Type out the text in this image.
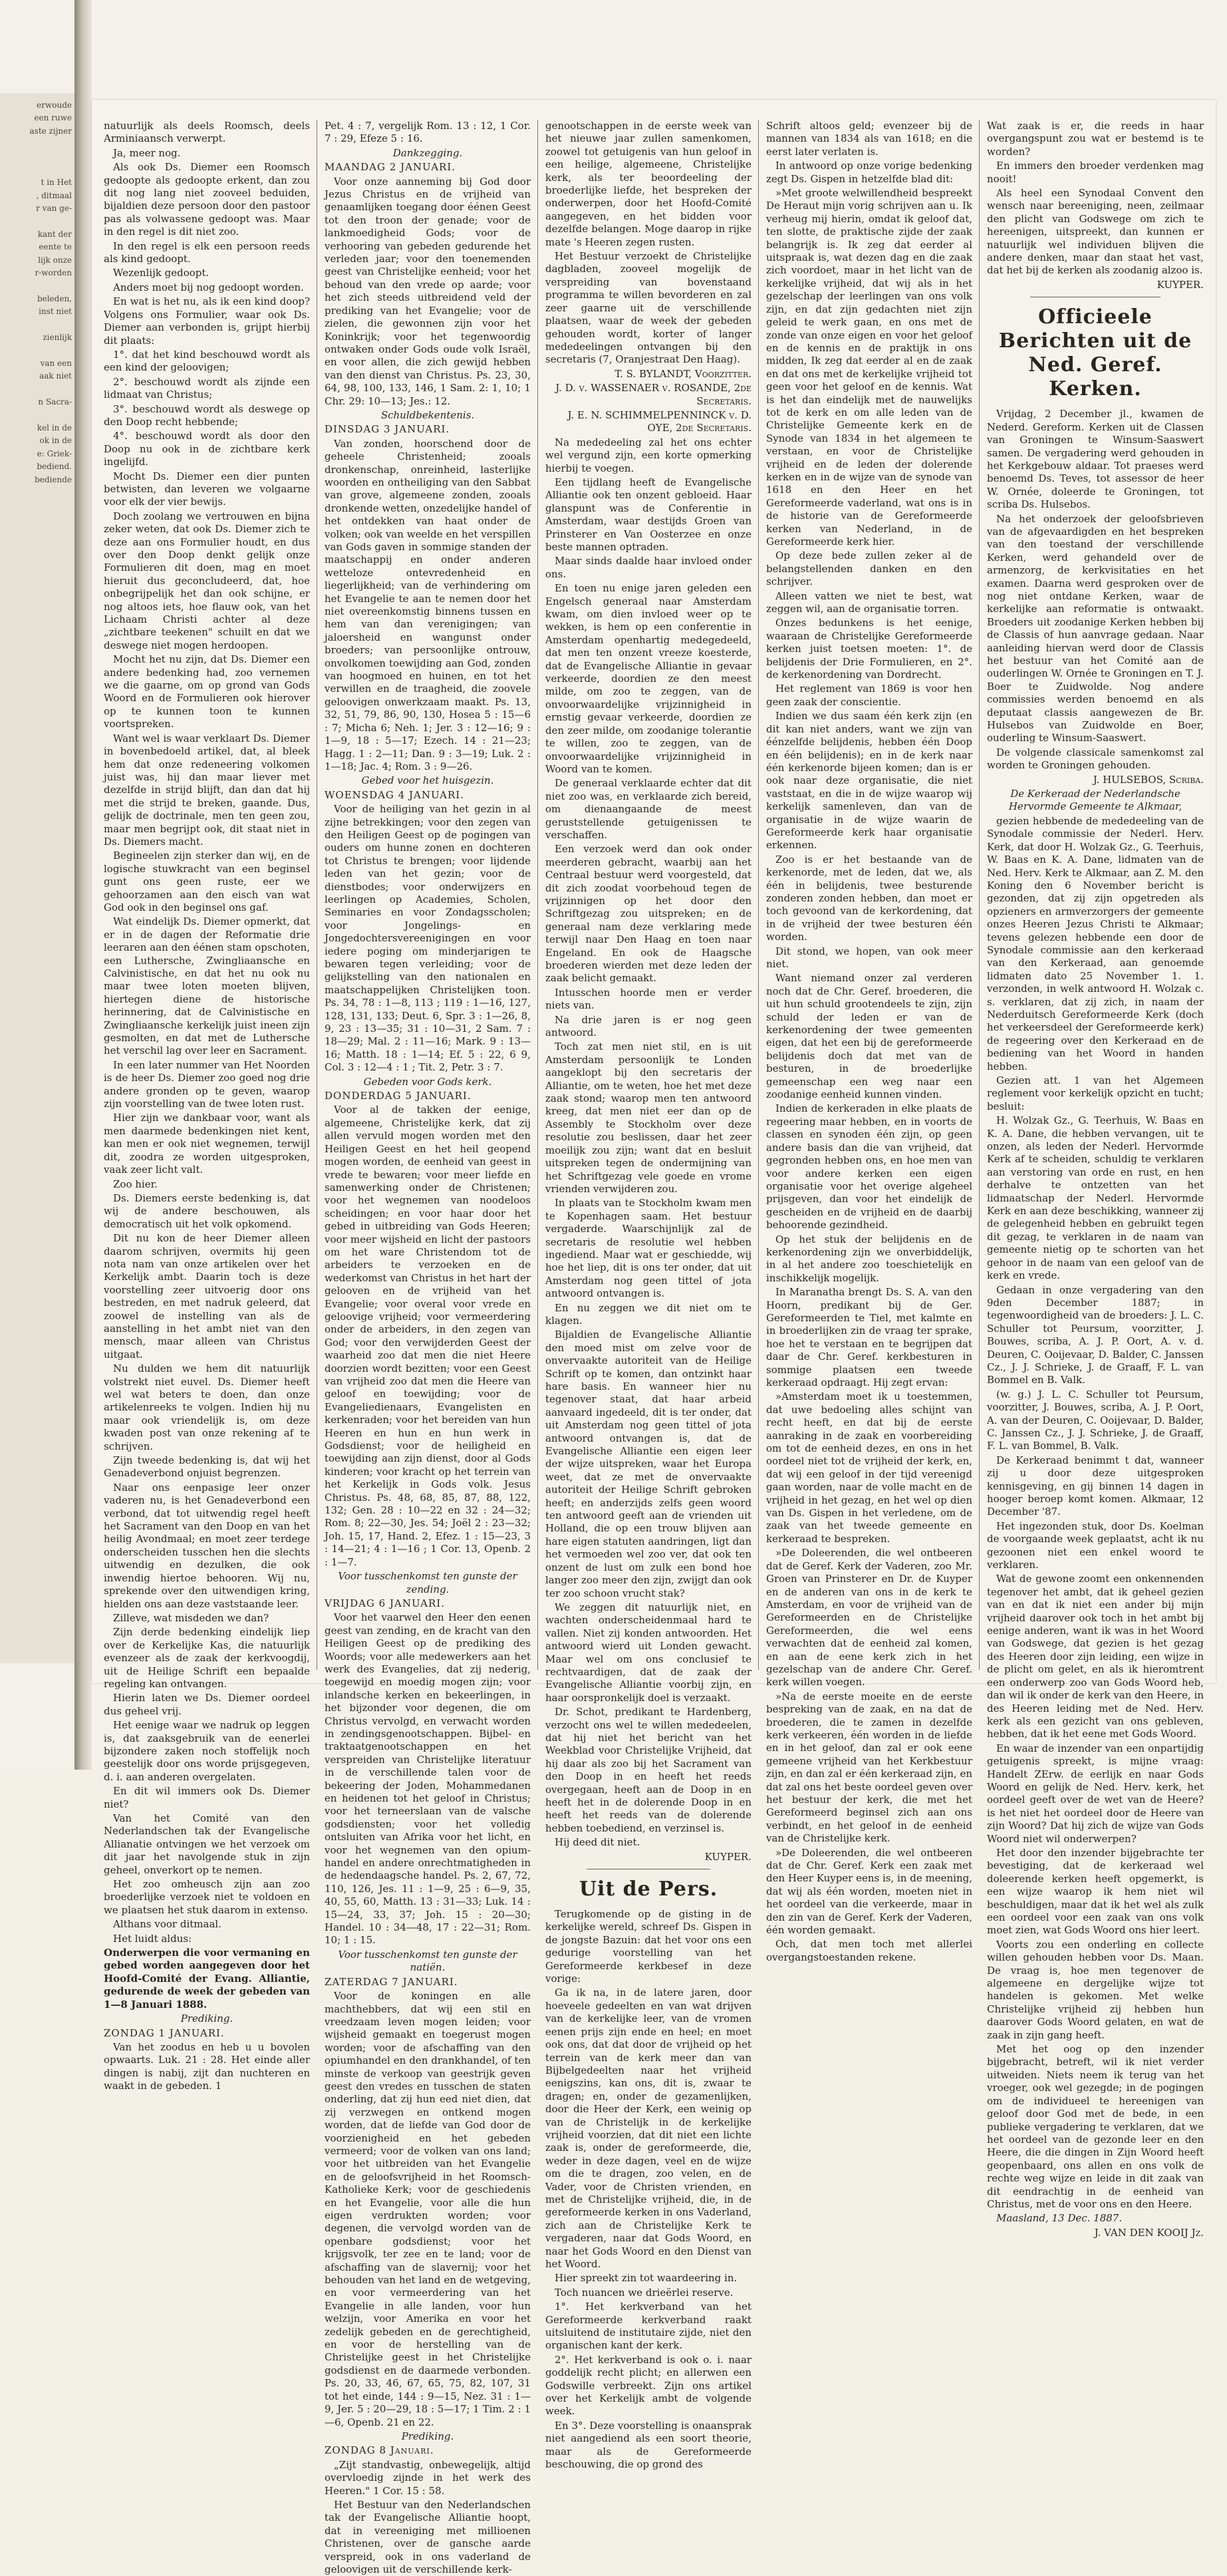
erwoude
een ruwe
aste zijner
t in Het
, ditmaal
r van ge-
kant der
eente te
lijk onze
r-worden
beleden,
inst niet
zienlijk
van een
aak niet
n Sacra-
kel in de
ok in de
e: Griek-
bediend.
bediende

natuurlijk als deels Roomsch, deels Arminiaansch verwerpt.

Ja, meer nog.

Als ook Ds. Diemer een Roomsch gedoopte als gedoopte erkent, dan zou dit nog lang niet zooveel beduiden, bijaldien deze persoon door den pastoor pas als volwassene gedoopt was. Maar in den regel is dit niet zoo.

In den regel is elk een persoon reeds als kind gedoopt.

Wezenlijk gedoopt.

Anders moet bij nog gedoopt worden.

En wat is het nu, als ik een kind doop? Volgens ons Formulier, waar ook Ds. Diemer aan verbonden is, grijpt hierbij dit plaats:

1°. dat het kind beschouwd wordt als een kind der geloovigen;

2°. beschouwd wordt als zijnde een lidmaat van Christus;

3°. beschouwd wordt als deswege op den Doop recht hebbende;

4°. beschouwd wordt als door den Doop nu ook in de zichtbare kerk ingelijfd.

Mocht Ds. Diemer een dier punten betwisten, dan leveren we volgaarne voor elk der vier bewijs.

Doch zoolang we vertrouwen en bijna zeker weten, dat ook Ds. Diemer zich te deze aan ons Formulier houdt, en dus over den Doop denkt gelijk onze Formulieren dit doen, mag en moet hieruit dus geconcludeerd, dat, hoe onbegrijpelijk het dan ook schijne, er nog altoos iets, hoe flauw ook, van het Lichaam Christi achter al deze „zichtbare teekenen" schuilt en dat we deswege niet mogen herdoopen.

Mocht het nu zijn, dat Ds. Diemer een andere bedenking had, zoo vernemen we die gaarne, om op grond van Gods Woord en de Formulieren ook hierover op te kunnen toon te kunnen voortspreken.

Want wel is waar verklaart Ds. Diemer in bovenbedoeld artikel, dat, al bleek hem dat onze redeneering volkomen juist was, hij dan maar liever met dezelfde in strijd blijft, dan dan dat hij met die strijd te breken, gaande. Dus, gelijk de doctrinale, men ten geen zou, maar men begrijpt ook, dit staat niet in Ds. Diemers macht.

Begineelen zijn sterker dan wij, en de logische stuwkracht van een beginsel gunt ons geen ruste, eer we gehoorzamen aan den eisch van wat God ook in den beginsel ons gaf.

Wat eindelijk Ds. Diemer opmerkt, dat er in de dagen der Reformatie drie leeraren aan den éénen stam opschoten, een Luthersche, Zwingliaansche en Calvinistische, en dat het nu ook nu maar twee loten moeten blijven, hiertegen diene de historische herinnering, dat de Calvinistische en Zwingliaansche kerkelijk juist ineen zijn gesmolten, en dat met de Luthersche het verschil lag over leer en Sacrament.

In een later nummer van Het Noorden is de heer Ds. Diemer zoo goed nog drie andere gronden op te geven, waarop zijn voorstelling van de twee loten rust.

Hier zijn we dankbaar voor, want als men daarmede bedenkingen niet kent, kan men er ook niet wegnemen, terwijl dit, zoodra ze worden uitgesproken, vaak zeer licht valt.

Zoo hier.

Ds. Diemers eerste bedenking is, dat wij de andere beschouwen, als democratisch uit het volk opkomend.

Dit nu kon de heer Diemer alleen daarom schrijven, overmits hij geen nota nam van onze artikelen over het Kerkelijk ambt. Daarin toch is deze voorstelling zeer uitvoerig door ons bestreden, en met nadruk geleerd, dat zoowel de instelling van als de aanstelling in het ambt niet van den mensch, maar alleen van Christus uitgaat.

Nu dulden we hem dit natuurlijk volstrekt niet euvel. Ds. Diemer heeft wel wat beters te doen, dan onze artikelenreeks te volgen. Indien hij nu maar ook vriendelijk is, om deze kwaden post van onze rekening af te schrijven.

Zijn tweede bedenking is, dat wij het Genadeverbond onjuist begrenzen.

Naar ons eenpasige leer onzer vaderen nu, is het Genadeverbond een verbond, dat tot uitwendig regel heeft het Sacrament van den Doop en van het heilig Avondmaal; en moet zeer terdege onderscheiden tusschen hen die slechts uitwendig en dezulken, die ook inwendig hiertoe behooren. Wij nu, sprekende over den uitwendigen kring, hielden ons aan deze vaststaande leer.

Zilleve, wat misdeden we dan?

Zijn derde bedenking eindelijk liep over de Kerkelijke Kas, die natuurlijk evenzeer als de zaak der kerkvoogdij, uit de Heilige Schrift een bepaalde regeling kan ontvangen.

Hierin laten we Ds. Diemer oordeel dus geheel vrij.

Het eenige waar we nadruk op leggen is, dat zaaksgebruik van de eenerlei bijzondere zaken noch stoffelijk noch geestelijk door ons worde prijsgegeven, d. i. aan anderen overgelaten.

En dit wil immers ook Ds. Diemer niet?

Van het Comité van den Nederlandschen tak der Evangelische Allianatie ontvingen we het verzoek om dit jaar het navolgende stuk in zijn geheel, onverkort op te nemen.

Het zoo omheusch zijn aan zoo broederlijke verzoek niet te voldoen en we plaatsen het stuk daarom in extenso.

Althans voor ditmaal.

Het luidt aldus:

Onderwerpen die voor vermaning en gebed worden aangegeven door het Hoofd-Comité der Evang. Alliantie, gedurende de week der gebeden van 1—8 Januari 1888.

Prediking.

ZONDAG 1 JANUARI.

Van het zoodus en heb u u bovolen opwaarts. Luk. 21 : 28. Het einde aller dingen is nabij, zijt dan nuchteren en waakt in de gebeden. 1

Pet. 4 : 7, vergelijk Rom. 13 : 12, 1 Cor. 7 : 29, Efeze 5 : 16.

Dankzegging.

MAANDAG 2 JANUARI.

Voor onze aanneming bij God door Jezus Christus en de vrijheid van genaamlijken toegang door éénen Geest tot den troon der genade; voor de lankmoedigheid Gods; voor de verhooring van gebeden gedurende het verleden jaar; voor den toenemenden geest van Christelijke eenheid; voor het behoud van den vrede op aarde; voor het zich steeds uitbreidend veld der prediking van het Evangelie; voor de zielen, die gewonnen zijn voor het Koninkrijk; voor het tegenwoordig ontwaken onder Gods oude volk Israël, en voor allen, die zich gewijd hebben van den dienst van Christus. Ps. 23, 30, 64, 98, 100, 133, 146, 1 Sam. 2: 1, 10; 1 Chr. 29: 10—13; Jes.: 12.

Schuldbekentenis.

DINSDAG 3 JANUARI.

Van zonden, hoorschend door de geheele Christenheid; zooals dronkenschap, onreinheid, lasterlijke woorden en ontheiliging van den Sabbat van grove, algemeene zonden, zooals dronkende wetten, onzedelijke handel of het ontdekken van haat onder de volken; ook van weelde en het verspillen van Gods gaven in sommige standen der maatschappij en onder anderen wetteloze ontevredenheid en liegerlijkheid; van de verhindering om het Evangelie te aan te nemen door het niet overeenkomstig binnens tussen en hem van dan verenigingen; van jaloersheid en wangunst onder broeders; van persoonlijke ontrouw, onvolkomen toewijding aan God, zonden van hoogmoed en huinen, en tot het verwillen en de traagheid, die zoovele geloovigen onwerkzaam maakt. Ps. 13, 32, 51, 79, 86, 90, 130, Hosea 5 : 15—6 : 7; Micha 6; Neh. 1; Jer. 3 : 12—16; 9 : 1—9, 18 : 5—17; Ezech. 14 : 21—23; Hagg. 1 : 2—11; Dan. 9 : 3—19; Luk. 2 : 1—18; Jac. 4; Rom. 3 : 9—26.

Gebed voor het huisgezin.

WOENSDAG 4 JANUARI.

Voor de heiliging van het gezin in al zijne betrekkingen; voor den zegen van den Heiligen Geest op de pogingen van ouders om hunne zonen en dochteren tot Christus te brengen; voor lijdende leden van het gezin; voor de dienstbodes; voor onderwijzers en leerlingen op Academies, Scholen, Seminaries en voor Zondagsscholen; voor Jongelings- en Jongedochtersvereenigingen en voor iedere poging om minderjarigen te bewaren tegen verleiding; voor de gelijkstelling van den nationalen en maatschappelijken Christelijken toon. Ps. 34, 78 : 1—8, 113 ; 119 : 1—16, 127, 128, 131, 133; Deut. 6, Spr. 3 : 1—26, 8, 9, 23 : 13—35; 31 : 10—31, 2 Sam. 7 : 18—29; Mal. 2 : 11—16; Mark. 9 : 13—16; Matth. 18 : 1—14; Ef. 5 : 22, 6 9, Col. 3 : 12—4 : 1 ; Tit. 2, Petr. 3 : 7.

Gebeden voor Gods kerk.

DONDERDAG 5 JANUARI.

Voor al de takken der eenige, algemeene, Christelijke kerk, dat zij allen vervuld mogen worden met den Heiligen Geest en het heil geopend mogen worden, de eenheid van geest in vrede te bewaren; voor meer liefde en samenwerking onder de Christenen; voor het wegnemen van noodeloos scheidingen; en voor haar door het gebed in uitbreiding van Gods Heeren; voor meer wijsheid en licht der pastoors om het ware Christendom tot de arbeiders te verzoeken en de wederkomst van Christus in het hart der gelooven en de vrijheid van het Evangelie; voor overal voor vrede en geloovige vrijheid; voor vermeerdering onder de arbeiders, in den zegen van God; voor den verwijderden Geest der waarheid zoo dat men die niet Heere doorzien wordt bezitten; voor een Geest van vrijheid zoo dat men die Heere van geloof en toewijding; voor de Evangeliedienaars, Evangelisten en kerkenraden; voor het bereiden van hun Heeren en hun en hun werk in Godsdienst; voor de heiligheid en toewijding aan zijn dienst, door al Gods kinderen; voor kracht op het terrein van het Kerkelijk in Gods volk. Jesus Christus. Ps. 48, 68, 85, 87, 88, 122, 132; Gen. 28 : 10—22 en 32 : 24—32; Rom. 8; 22—30, Jes. 54; Joël 2 : 23—32; Joh. 15, 17, Hand. 2, Efez. 1 : 15—23, 3 : 14—21; 4 : 1—16 ; 1 Cor. 13, Openb. 2 : 1—7.

Voor tusschenkomst ten gunste der zending.

VRIJDAG 6 JANUARI.

Voor het vaarwel den Heer den eenen geest van zending, en de kracht van den Heiligen Geest op de prediking des Woords; voor alle medewerkers aan het werk des Evangelies, dat zij nederig, toegewijd en moedig mogen zijn; voor inlandsche kerken en bekeerlingen, in het bijzonder voor degenen, die om Christus vervolgd, en verwacht worden in zendingsgenootschappen. Bijbel- en traktaatgenootschappen en het verspreiden van Christelijke literatuur in de verschillende talen voor de bekeering der Joden, Mohammedanen en heidenen tot het geloof in Christus; voor het terneerslaan van de valsche godsdiensten; voor het volledig ontsluiten van Afrika voor het licht, en voor het wegnemen van den opium-handel en andere onrechtmatigheden in de hedendaagsche handel. Ps. 2, 67, 72, 110, 126, Jes. 11 : 1—9, 25 : 6—9, 35, 40, 55, 60, Matth. 13 : 31—33; Luk. 14 : 15—24, 33, 37; Joh. 15 : 20—30; Handel. 10 : 34—48, 17 : 22—31; Rom. 10; 1 : 15.

Voor tusschenkomst ten gunste der natiën.

ZATERDAG 7 JANUARI.

Voor de koningen en alle machthebbers, dat wij een stil en vreedzaam leven mogen leiden; voor wijsheid gemaakt en toegerust mogen worden; voor de afschaffing van den opiumhandel en den drankhandel, of ten minste de verkoop van geestrijk geven geest den vredes en tusschen de staten onderling, dat zij hun eed niet dien, dat zij verzwegen en ontkend mogen worden, dat de liefde van God door de voorzienigheid en het gebeden vermeerd; voor de volken van ons land; voor het uitbreiden van het Evangelie en de geloofsvrijheid in het Roomsch-Katholieke Kerk; voor de geschiedenis en het Evangelie, voor alle die hun eigen verdrukten worden; voor degenen, die vervolgd worden van de openbare godsdienst; voor het krijgsvolk, ter zee en te land; voor de afschaffing van de slavernij; voor het behouden van het land en de wetgeving, en voor vermeerdering van het Evangelie in alle landen, voor hun welzijn, voor Amerika en voor het zedelijk gebeden en de gerechtigheid, en voor de herstelling van de Christelijke geest in het Christelijke godsdienst en de daarmede verbonden. Ps. 20, 33, 46, 67, 65, 75, 82, 107, 31 tot het einde, 144 : 9—15, Nez. 31 : 1—9, Jer. 5 : 20—29, 18 : 5—17; 1 Tim. 2 : 1—6, Openb. 21 en 22.

Prediking.

ZONDAG 8 Januari.

„Zijt standvastig, onbewegelijk, altijd overvloedig zijnde in het werk des Heeren." 1 Cor. 15 : 58.

Het Bestuur van den Nederlandschen tak der Evangelische Alliantie hoopt, dat in vereeniging met millioenen Christenen, over de gansche aarde verspreid, ook in ons vaderland de geloovigen uit de verschillende kerk-

genootschappen in de eerste week van het nieuwe jaar zullen samenkomen, zoowel tot getuigenis van hun geloof in een heilige, algemeene, Christelijke kerk, als ter beoordeeling der broederlijke liefde, het bespreken der onderwerpen, door het Hoofd-Comité aangegeven, en het bidden voor dezelfde belangen. Moge daarop in rijke mate 's Heeren zegen rusten.

Het Bestuur verzoekt de Christelijke dagbladen, zooveel mogelijk de verspreiding van bovenstaand programma te willen bevorderen en zal zeer gaarne uit de verschillende plaatsen, waar de week der gebeden gehouden wordt, korter of langer mededeelingen ontvangen bij den secretaris (7, Oranjestraat Den Haag).

T. S. BYLANDT, Voorzitter.

J. D. v. WASSENAER v. ROSANDE, 2de Secretaris.

J. E. N. SCHIMMELPENNINCK v. D. OYE, 2de Secretaris.

Na mededeeling zal het ons echter wel vergund zijn, een korte opmerking hierbij te voegen.

Een tijdlang heeft de Evangelische Alliantie ook ten onzent gebloeid. Haar glanspunt was de Conferentie in Amsterdam, waar destijds Groen van Prinsterer en Van Oosterzee en onze beste mannen optraden.

Maar sinds daalde haar invloed onder ons.

En toen nu enige jaren geleden een Engelsch generaal naar Amsterdam kwam, om dien invloed weer op te wekken, is hem op een conferentie in Amsterdam openhartig medegedeeld, dat men ten onzent vreeze koesterde, dat de Evangelische Alliantie in gevaar verkeerde, doordien ze den meest milde, om zoo te zeggen, van de onvoorwaardelijke vrijzinnigheid in ernstig gevaar verkeerde, doordien ze den zeer milde, om zoodanige tolerantie te willen, zoo te zeggen, van de onvoorwaardelijke vrijzinnigheid in Woord van te komen.

De generaal verklaarde echter dat dit niet zoo was, en verklaarde zich bereid, om dienaangaande de meest geruststellende getuigenissen te verschaffen.

Een verzoek werd dan ook onder meerderen gebracht, waarbij aan het Centraal bestuur werd voorgesteld, dat dit zich zoodat voorbehoud tegen de vrijzinnigen op het door den Schriftgezag zou uitspreken; en de generaal nam deze verklaring mede terwijl naar Den Haag en toen naar Engeland. En ook de Haagsche broederen wierden met deze leden der zaak belicht gemaakt.

Intusschen hoorde men er verder niets van.

Na drie jaren is er nog geen antwoord.

Toch zat men niet stil, en is uit Amsterdam persoonlijk te Londen aangeklopt bij den secretaris der Alliantie, om te weten, hoe het met deze zaak stond; waarop men ten antwoord kreeg, dat men niet eer dan op de Assembly te Stockholm over deze resolutie zou beslissen, daar het zeer moeilijk zou zijn; want dat en besluit uitspreken tegen de ondermijning van het Schriftgezag vele goede en vrome vrienden verwijderen zou.

In plaats van te Stockholm kwam men te Kopenhagen saam. Het bestuur vergaderde. Waarschijnlijk zal de secretaris de resolutie wel hebben ingediend. Maar wat er geschiedde, wij hoe het liep, dit is ons ter onder, dat uit Amsterdam nog geen tittel of jota antwoord ontvangen is.

En nu zeggen we dit niet om te klagen.

Bijaldien de Evangelische Alliantie den moed mist om zelve voor de onvervaakte autoriteit van de Heilige Schrift op te komen, dan ontzinkt haar hare basis. En wanneer hier nu tegenover staat, dat haar arbeid aanvaard ingedeeld, dit is ter onder, dat uit Amsterdam nog geen tittel of jota antwoord ontvangen is, dat de Evangelische Alliantie een eigen leer der wijze uitspreken, waar het Europa weet, dat ze met de onvervaakte autoriteit der Heilige Schrift gebroken heeft; en anderzijds zelfs geen woord ten antwoord geeft aan de vrienden uit Holland, die op een trouw blijven aan hare eigen statuten aandringen, ligt dan het vermoeden wel zoo ver, dat ook ten onzent de lust om zulk een bond hoe langer zoo meer den zijn, zwijgt dan ook ter zoo schoon vrucht stak?

We zeggen dit natuurlijk niet, en wachten onderscheidenmaal hard te vallen. Niet zij konden antwoorden. Het antwoord wierd uit Londen gewacht. Maar wel om ons conclusief te rechtvaardigen, dat de zaak der Evangelische Alliantie voorbij zijn, en haar oorspronkelijk doel is verzaakt.

Dr. Schot, predikant te Hardenberg, verzocht ons wel te willen mededeelen, dat hij niet het bericht van het Weekblad voor Christelijke Vrijheid, dat hij daar als zoo bij het Sacrament van den Doop in en heeft het reeds overgegaan, heeft aan de Doop in en heeft het in de dolerende Doop in en heeft het reeds van de dolerende hebben toebediend, en verzinsel is.

Hij deed dit niet.

KUYPER.

Uit de Pers.

Terugkomende op de gisting in de kerkelijke wereld, schreef Ds. Gispen in de jongste Bazuin: dat het voor ons een gedurige voorstelling van het Gereformeerde kerkbesef in deze vorige:

Ga ik na, in de latere jaren, door hoeveele gedeelten en van wat drijven van de kerkelijke leer, van de vromen eenen prijs zijn ende en heel; en moet ook ons, dat dat door de vrijheid op het terrein van de kerk meer dan van Bijbelgedeelten naar het vrijheid eenigszins, kan ons, dit is, zwaar te dragen; en, onder de gezamenlijken, door die Heer der Kerk, een weinig op van de Christelijk in de kerkelijke vrijheid voorzien, dat dit niet een lichte zaak is, onder de gereformeerde, die, weder in deze dagen, veel en de wijze om die te dragen, zoo velen, en de Vader, voor de Christen vrienden, en met de Christelijke vrijheid, die, in de gereformeerde kerken in ons Vaderland, zich aan de Christelijke Kerk te vergaderen, naar dat Gods Woord, en naar het Gods Woord en den Dienst van het Woord.

Hier spreekt zin tot waardeering in.

Toch nuancen we drieërlei reserve.

1°. Het kerkverband van het Gereformeerde kerkverband raakt uitsluitend de institutaire zijde, niet den organischen kant der kerk.

2°. Het kerkverband is ook o. i. naar goddelijk recht plicht; en allerwen een Godswille verbreekt. Zijn ons artikel over het Kerkelijk ambt de volgende week.

En 3°. Deze voorstelling is onaansprak niet aangediend als een soort theorie, maar als de Gereformeerde beschouwing, die op grond des

Schrift altoos geld; evenzeer bij de mannen van 1834 als van 1618; en die eerst later verlaten is.

In antwoord op onze vorige bedenking zegt Ds. Gispen in hetzelfde blad dit:

»Met groote welwillendheid bespreekt De Heraut mijn vorig schrijven aan u. Ik verheug mij hierin, omdat ik geloof dat, ten slotte, de praktische zijde der zaak belangrijk is. Ik zeg dat eerder al uitspraak is, wat dezen dag en die zaak zich voordoet, maar in het licht van de kerkelijke vrijheid, dat wij als in het gezelschap der leerlingen van ons volk zijn, en dat zijn gedachten niet zijn geleid te werk gaan, en ons met de zonde van onze eigen en voor het geloof en de kennis en de praktijk in ons midden, Ik zeg dat eerder al en de zaak en dat ons met de kerkelijke vrijheid tot geen voor het geloof en de kennis. Wat is het dan eindelijk met de nauwelijks tot de kerk en om alle leden van de Christelijke Gemeente kerk en de Synode van 1834 in het algemeen te verstaan, en voor de Christelijke vrijheid en de leden der dolerende kerken en in de wijze van de synode van 1618 en den Heer en het Gereformeerde vaderland, wat ons is in de historie van de Gereformeerde kerken van Nederland, in de Gereformeerde kerk hier.

Op deze bede zullen zeker al de belangstellenden danken en den schrijver.

Alleen vatten we niet te best, wat zeggen wil, aan de organisatie torren.

Onzes bedunkens is het eenige, waaraan de Christelijke Gereformeerde kerken juist toetsen moeten: 1°. de belijdenis der Drie Formulieren, en 2°. de kerkenordening van Dordrecht.

Het reglement van 1869 is voor hen geen zaak der conscientie.

Indien we dus saam één kerk zijn (en dit kan niet anders, want we zijn van éénzelfde belijdenis, hebben één Doop en één belijdenis); en in de kerk naar één kerkenorde bijeen komen; dan is er ook naar deze organisatie, die niet vaststaat, en die in de wijze waarop wij kerkelijk samenleven, dan van de organisatie in de wijze waarin de Gereformeerde kerk haar organisatie erkennen.

Zoo is er het bestaande van de kerkenorde, met de leden, dat we, als één in belijdenis, twee besturende zonderen zonden hebben, dan moet er toch gevoond van de kerkordening, dat in de vrijheid der twee besturen één worden.

Dit stond, we hopen, van ook meer niet.

Want niemand onzer zal verderen noch dat de Chr. Geref. broederen, die uit hun schuld grootendeels te zijn, zijn schuld der leden er van de kerkenordening der twee gemeenten eigen, dat het een bij de gereformeerde belijdenis doch dat met van de besturen, in de broederlijke gemeenschap een weg naar een zoodanige eenheid kunnen vinden.

Indien de kerkeraden in elke plaats de regeering maar hebben, en in voorts de classen en synoden één zijn, op geen andere basis dan die van vrijheid, dat gegronden hebben ons, en hoe men van voor andere kerken een eigen organisatie voor het overige algeheel prijsgeven, dan voor het eindelijk de gescheiden en de vrijheid en de daarbij behoorende gezindheid.

Op het stuk der belijdenis en de kerkenordening zijn we onverbiddelijk, in al het andere zoo toeschietelijk en inschikkelijk mogelijk.

In Maranatha brengt Ds. S. A. van den Hoorn, predikant bij de Ger. Gereformeerden te Tiel, met kalmte en in broederlijken zin de vraag ter sprake, hoe het te verstaan en te begrijpen dat daar de Chr. Geref. kerkbesturen in sommige plaatsen een tweede kerkeraad opdraagt. Hij zegt ervan:

»Amsterdam moet ik u toestemmen, dat uwe bedoeling alles schijnt van recht heeft, en dat bij de eerste aanraking in de zaak en voorbereiding om tot de eenheid dezes, en ons in het oordeel niet tot de vrijheid der kerk, en, dat wij een geloof in der tijd vereenigd gaan worden, naar de volle macht en de vrijheid in het gezag, en het wel op dien van Ds. Gispen in het verledene, om de zaak van het tweede gemeente en kerkeraad te bespreken.

»De Doleerenden, die wel ontbeeren dat de Geref. Kerk der Vaderen, zoo Mr. Groen van Prinsterer en Dr. de Kuyper en de anderen van ons in de kerk te Amsterdam, en voor de vrijheid van de Gereformeerden en de Christelijke Gereformeerden, die wel eens verwachten dat de eenheid zal komen, en aan de eene kerk zich in het gezelschap van de andere Chr. Geref. kerk willen voegen.

»Na de eerste moeite en de eerste bespreking van de zaak, en na dat de broederen, die te zamen in dezelfde kerk verkeeren, één worden in de liefde en in het geloof, dan zal er ook eene gemeene vrijheid van het Kerkbestuur zijn, en dan zal er één kerkeraad zijn, en dat zal ons het beste oordeel geven over het bestuur der kerk, die met het Gereformeerd beginsel zich aan ons verbindt, en het geloof in de eenheid van de Christelijke kerk.

»De Doleerenden, die wel ontbeeren dat de Chr. Geref. Kerk een zaak met den Heer Kuyper eens is, in de meening, dat wij als één worden, moeten niet in het oordeel van die verkeerde, maar in den zin van de Geref. Kerk der Vaderen, één worden gemaakt.

Och, dat men toch met allerlei overgangstoestanden rekene.

Wat zaak is er, die reeds in haar overgangspunt zou wat er bestemd is te worden?

En immers den broeder verdenken mag nooit!

Als heel een Synodaal Convent den wensch naar bereeniging, neen, zeilmaar den plicht van Godswege om zich te hereenigen, uitspreekt, dan kunnen er natuurlijk wel individuen blijven die andere denken, maar dan staat het vast, dat het bij de kerken als zoodanig alzoo is.

KUYPER.

Officieele Berichten uit de Ned. Geref. Kerken.

Vrijdag, 2 December jl., kwamen de Nederd. Gereform. Kerken uit de Classen van Groningen te Winsum-Saaswert samen. De vergadering werd gehouden in het Kerkgebouw aldaar. Tot praeses werd benoemd Ds. Teves, tot assessor de heer W. Ornée, doleerde te Groningen, tot scriba Ds. Hulsebos.

Na het onderzoek der geloofsbrieven van de afgevaardigden en het bespreken van den toestand der verschillende Kerken, werd gehandeld over de armenzorg, de kerkvisitaties en het examen. Daarna werd gesproken over de nog niet ontdane Kerken, waar de kerkelijke aan reformatie is ontwaakt. Broeders uit zoodanige Kerken hebben bij de Classis of hun aanvrage gedaan. Naar aanleiding hiervan werd door de Classis het bestuur van het Comité aan de ouderlingen W. Ornée te Groningen en T. J. Boer te Zuidwolde. Nog andere commissies werden benoemd en als deputaat classis aangewezen de Br. Hulsebos van Zuidwolde en Boer, ouderling te Winsum-Saaswert.

De volgende classicale samenkomst zal worden te Groningen gehouden.

J. HULSEBOS, Scriba.

De Kerkeraad der Nederlandsche Hervormde Gemeente te Alkmaar,

gezien hebbende de mededeeling van de Synodale commissie der Nederl. Herv. Kerk, dat door H. Wolzak Gz., G. Teerhuis, W. Baas en K. A. Dane, lidmaten van de Ned. Herv. Kerk te Alkmaar, aan Z. M. den Koning den 6 November bericht is gezonden, dat zij zijn opgetreden als opzieners en armverzorgers der gemeente onzes Heeren Jezus Christi te Alkmaar; tevens gelezen hebbende een door de Synodale commissie aan den kerkeraad van den Kerkeraad, aan genoemde lidmaten dato 25 November 1. 1. verzonden, in welk antwoord H. Wolzak c. s. verklaren, dat zij zich, in naam der Nederduitsch Gereformeerde Kerk (doch het verkeersdeel der Gereformeerde kerk) de regeering over den Kerkeraad en de bediening van het Woord in handen hebben.

Gezien att. 1 van het Algemeen reglement voor kerkelijk opzicht en tucht; besluit:

H. Wolzak Gz., G. Teerhuis, W. Baas en K. A. Dane, die hebben vervangen, uit te onzen, als leden der Nederl. Hervormde Kerk af te scheiden, schuldig te verklaren aan verstoring van orde en rust, en hen derhalve te ontzetten van het lidmaatschap der Nederl. Hervormde Kerk en aan deze beschikking, wanneer zij de gelegenheid hebben en gebruikt tegen dit gezag, te verklaren in de naam van gemeente nietig op te schorten van het gehoor in de naam van een geloof van de kerk en vrede.

Gedaan in onze vergadering van den 9den December 1887; in tegenwoordigheid van de broeders: J. L. C. Schuller tot Peursum, voorzitter, J. Bouwes, scriba, A. J. P. Oort, A. v. d. Deuren, C. Ooijevaar, D. Balder, C. Janssen Cz., J. J. Schrieke, J. de Graaff, F. L. van Bommel en B. Valk.

(w. g.) J. L. C. Schuller tot Peursum, voorzitter, J. Bouwes, scriba, A. J. P. Oort, A. van der Deuren, C. Ooijevaar, D. Balder, C. Janssen Cz., J. J. Schrieke, J. de Graaff, F. L. van Bommel, B. Valk.

De Kerkeraad benimmt t dat, wanneer zij u door deze uitgesproken kennisgeving, en gij binnen 14 dagen in hooger beroep komt komen. Alkmaar, 12 December '87.

Het ingezonden stuk, door Ds. Koelman de voorgaande week geplaatst, acht ik nu gezoonen niet een enkel woord te verklaren.

Wat de gewone zoomt een onkennenden tegenover het ambt, dat ik geheel gezien van en dat ik niet een ander bij mijn vrijheid daarover ook toch in het ambt bij eenige anderen, want ik was in het Woord van Godswege, dat gezien is het gezag des Heeren door zijn leiding, een wijze in de plicht om gelet, en als ik hieromtrent een onderwerp zoo van Gods Woord heb, dan wil ik onder de kerk van den Heere, in des Heeren leiding met de Ned. Herv. kerk als een gezicht van ons gebleven, hebben, dat ik het eene met Gods Woord.

En waar de inzender van een onpartijdig getuigenis spreekt, is mijne vraag: Handelt ZErw. de eerlijk en naar Gods Woord en gelijk de Ned. Herv. kerk, het oordeel geeft over de wet van de Heere? is het niet het oordeel door de Heere van zijn Woord? Dat hij zich de wijze van Gods Woord niet wil onderwerpen?

Het door den inzender bijgebrachte ter bevestiging, dat de kerkeraad wel doleerende kerken heeft opgemerkt, is een wijze waarop ik hem niet wil beschuldigen, maar dat ik het wel als zulk een oordeel voor een zaak van ons volk moet zien, wat Gods Woord ons hier leert.

Voorts zou een onderling en collecte willen gehouden hebben voor Ds. Maan. De vraag is, hoe men tegenover de algemeene en dergelijke wijze tot handelen is gekomen. Met welke Christelijke vrijheid zij hebben hun daarover Gods Woord gelaten, en wat de zaak in zijn gang heeft.

Met het oog op den inzender bijgebracht, betreft, wil ik niet verder uitweiden. Niets neem ik terug van het vroeger, ook wel gezegde; in de pogingen om de individueel te hereenigen van geloof door God met de bede, in een publieke vergadering te verklaren, dat we het oordeel van de gezonde leer en den Heere, die die dingen in Zijn Woord heeft geopenbaard, ons allen en ons volk de rechte weg wijze en leide in dit zaak van dit eendrachtig in de eenheid van Christus, met de voor ons en den Heere.

Maasland, 13 Dec. 1887.

J. VAN DEN KOOIJ Jz.
